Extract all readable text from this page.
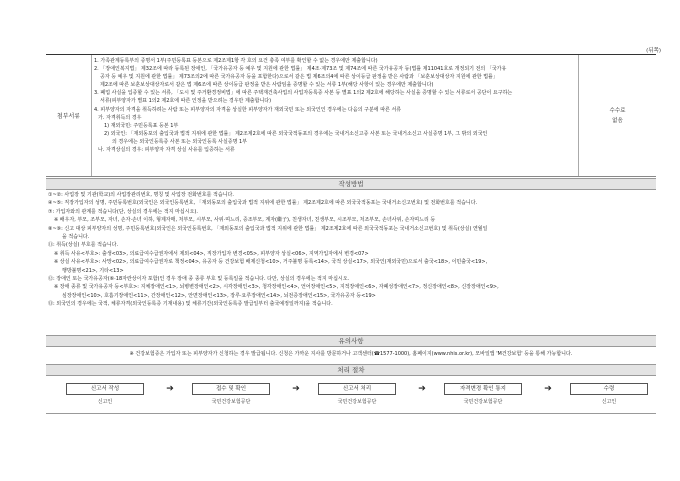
(뒤쪽)
첨부서류
1. 가족관계등록부의 증명서 1부(주민등록표 등본으로 제2조제1항 각 호의 요건 충족 여부를 확인할 수 없는 경우에만 제출합니다)
2. 「장애인복지법」 제32조에 따라 등록된 장애인, 「국가유공자 등 예우 및 지원에 관한 법률」 제4조·제73조 및 제74조에 따른 국가유공자 등(법률 제11041호로 개정되기 전의 「국가유
공자 등 예우 및 지원에 관한 법률」 제73조의2에 따른 국가유공자 등을 포함한다)으로서 같은 법 제6조의4에 따른 상이등급 판정을 받은 사람과 「보훈보상대상자 지원에 관한 법률」
제2조에 따른 보훈보상대상자로서 같은 법 제6조에 따른 상이등급 판정을 받은 사람임을 증명할 수 있는 서류 1부(해당 사항이 있는 경우에만 제출합니다)
3. 폐업 사실을 입증할 수 있는 서류, 「도시 및 주거환경정비법」에 따른 주택재건축사업의 사업자등록증 사본 등 별표 1의2 제2호에 해당하는 사실을 증명할 수 있는 서류로서 공단이 요구하는
서류(피부양자가 별표 1의2 제2호에 따른 인정을 받으려는 경우만 제출합니다)
4. 피부양자의 자격을 취득하려는 사람 또는 피부양자의 자격을 상실한 피부양자가 재외국민 또는 외국인인 경우에는 다음의 구분에 따른 서류
가. 자격취득의 경우
1) 재외국민: 주민등록표 등본 1부
2) 외국인: 「재외동포의 출입국과 법적 지위에 관한 법률」 제2조제2호에 따른 외국국적동포의 경우에는 국내거소신고증 사본 또는 국내거소신고 사실증명 1부, 그 밖의 외국인
의 경우에는 외국인등록증 사본 또는 외국인등록 사실증명 1부
나. 자격상실의 경우: 피부양자 자격 상실 사유를 입증하는 서류
수수료
없음
작성방법
①~②: 사업장 및 기관(학교)의 사업장관리번호, 명칭 및 사업장 전화번호를 적습니다.
④~⑤: 직장가입자의 성명, 주민등록번호(외국인은 외국인등록번호, 「재외동포의 출입국과 법적 지위에 관한 법률」 제2조제2호에 따른 외국국적동포는 국내거소신고번호) 및 전화번호를 적습니다.
⑦: 가입자와의 관계를 적습니다(단, 상실의 경우에는 적지 마십시오).
※ 배우자, 부모, 조부모, 자녀, 손자·손녀 이하, 형제자매, 처부모, 시부모, 사위·며느리, 증조부모, 계자(繼子), 친생자녀, 친생부모, 시조부모, 처조부모, 손녀사위, 손자며느리 등
⑧~⑨: 신고 대상 피부양자의 성명, 주민등록번호(외국인은 외국인등록번호, 「재외동포의 출입국과 법적 지위에 관한 법률」 제2조제2호에 따른 외국국적동포는 국내거소신고번호) 및 취득(상실) 연월일
을 적습니다.
⑪: 취득(상실) 부호를 적습니다.
※ 취득 사유<부호>: 출생<03>, 의료급여수급권자에서 제외<04>, 직장가입자 변경<05>, 피부양자 상실<06>, 지역가입자에서 변경<07>
※ 상실 사유<부호>: 사망<02>, 의료급여수급권자로 책정<04>, 유공자 등 건강보험 배제신청<10>, 거주불명 등록<14>, 국적 상실<17>, 외국인(재외국민)으로서 출국<18>, 이민출국<19>,
행방불명<21>, 기타<13>
⑫: 장애인 또는 국가유공자(⑥·18자란상이자 포함)인 경우 장애 종 종류 부호 및 등록일을 적습니다. 다만, 상실의 경우에는 적지 마십시오.
※ 장애 종류 및 국가유공자 등<부호>: 지체장애인<1>, 뇌병변장애인<2>, 시각장애인<3>, 청각장애인<4>, 언어장애인<5>, 지적장애인<6>, 자폐성장애인<7>, 정신장애인<8>, 신장장애인<9>,
심장장애인<10>, 호흡기장애인<11>, 간장애인<12>, 안면장애인<13>, 장루·요루장애인<14>, 뇌전증장애인<15>, 국가유공자 등<19>
⑬: 외국인의 경우에는 국적, 체류자격(외국인등록증 기재내용) 및 체류기간(외국인등록증 발급일부터 출국예정일까지)을 적습니다.
유의사항
※ 건강보험증은 가입자 또는 피부양자가 신청하는 경우 발급됩니다. 신청은 가까운 지사를 방문하거나 고객센터(☎1577-1000), 홈페이지(www.nhis.or.kr), 모바일앱 'M건강보험' 등을 통해 가능합니다.
처리 절차
신고서 작성
신고인
➔	접수 및 확인
국민건강보험공단
➔	신고서 처리
국민건강보험공단
➔	자격변경 확인 통지
국민건강보험공단
➔	수령
신고인
